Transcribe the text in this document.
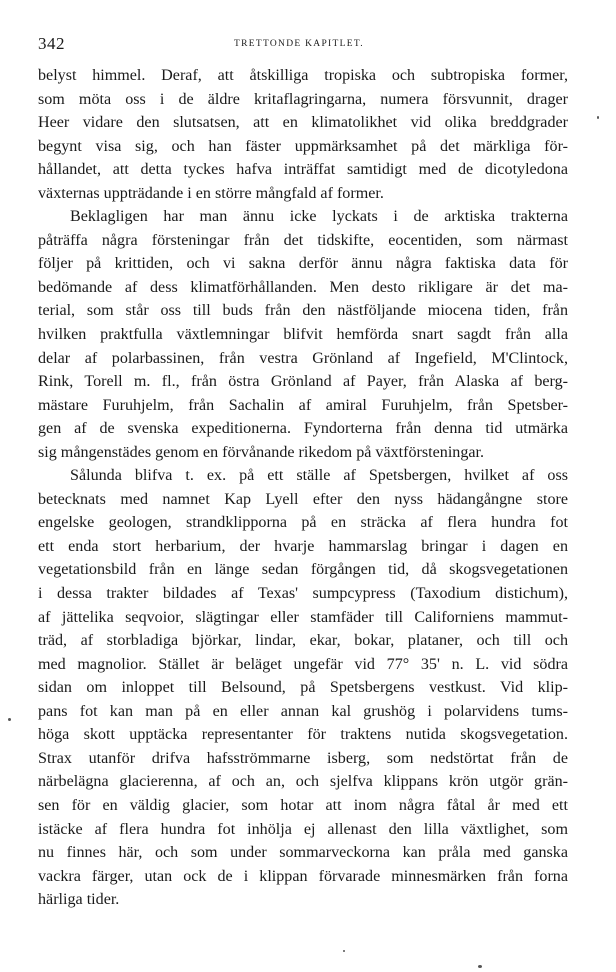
342	TRETTONDE KAPITLET.
belyst himmel. Deraf, att åtskilliga tropiska och subtropiska former,
som möta oss i de äldre kritaflagringarna, numera försvunnit, drager
Heer vidare den slutsatsen, att en klimatolikhet vid olika breddgrader
begynt visa sig, och han fäster uppmärksamhet på det märkliga för-
hållandet, att detta tyckes hafva inträffat samtidigt med de dicotyledona
växternas uppträdande i en större mångfald af former.
Beklagligen har man ännu icke lyckats i de arktiska trakterna
påträffa några försteningar från det tidskifte, eocentiden, som närmast
följer på krittiden, och vi sakna derför ännu några faktiska data för
bedömande af dess klimatförhållanden. Men desto rikligare är det ma-
terial, som står oss till buds från den nästföljande miocena tiden, från
hvilken praktfulla växtlemningar blifvit hemförda snart sagdt från alla
delar af polarbassinen, från vestra Grönland af Ingefield, M'Clintock,
Rink, Torell m. fl., från östra Grönland af Payer, från Alaska af berg-
mästare Furuhjelm, från Sachalin af amiral Furuhjelm, från Spetsber-
gen af de svenska expeditionerna. Fyndorterna från denna tid utmärka
sig mångenstädes genom en förvånande rikedom på växtförsteningar.
Sålunda blifva t. ex. på ett ställe af Spetsbergen, hvilket af oss
betecknats med namnet Kap Lyell efter den nyss hädangångne store
engelske geologen, strandklipporna på en sträcka af flera hundra fot
ett enda stort herbarium, der hvarje hammarslag bringar i dagen en
vegetationsbild från en länge sedan förgången tid, då skogsvegetationen
i dessa trakter bildades af Texas' sumpcypress (Taxodium distichum),
af jättelika seqvoior, slägtingar eller stamfäder till Californiens mammut-
träd, af storbladiga björkar, lindar, ekar, bokar, plataner, och till och
med magnolior. Stället är beläget ungefär vid 77° 35' n. L. vid södra
sidan om inloppet till Belsound, på Spetsbergens vestkust. Vid klip-
pans fot kan man på en eller annan kal grushög i polarvidens tums-
höga skott upptäcka representanter för traktens nutida skogsvegetation.
Strax utanför drifva hafsströmmarne isberg, som nedstörtat från de
närbelägna glacierenna, af och an, och sjelfva klippans krön utgör grän-
sen för en väldig glacier, som hotar att inom några fåtal år med ett
istäcke af flera hundra fot inhölja ej allenast den lilla växtlighet, som
nu finnes här, och som under sommarveckorna kan pråla med ganska
vackra färger, utan ock de i klippan förvarade minnesmärken från forna
härliga tider.
